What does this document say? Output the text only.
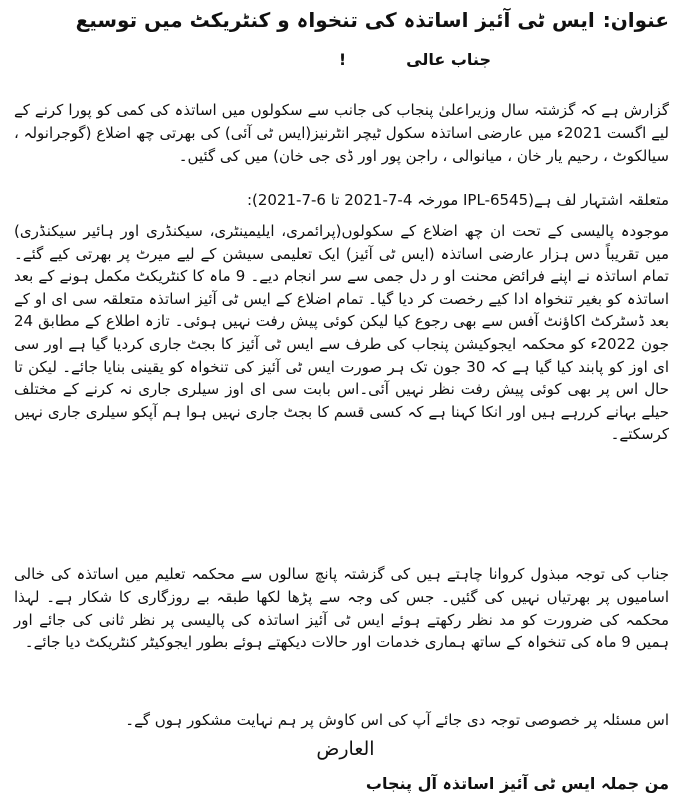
عنوان:ایس ٹی آئیز اساتذہ کی تنخواہ و کنٹریکٹ میں توسیع
جناب عالی!

گزارش ہے کہ گزشتہ سال وزیراعلیٰ پنجاب کی جانب سے سکولوں میں اساتذہ کی کمی کو پورا کرنے کے لیے اگست 2021ء میں عارضی اساتذہ سکول ٹیچر انٹرنیز(ایس ٹی آئی) کی بھرتی چھ اضلاع (گوجرانولہ ، سیالکوٹ ، رحیم یار خان ، میانوالی ، راجن پور اور ڈی جی خان) میں کی گئیں۔

متعلقہ اشتہار لف ہے(IPL-6545 مورخہ 4-7-2021 تا 6-7-2021):

موجودہ پالیسی کے تحت ان چھ اضلاع کے سکولوں(پرائمری، ایلیمینٹری، سیکنڈری اور ہائیر سیکنڈری) میں تقریباً دس ہزار عارضی اساتذہ (ایس ٹی آئیز) ایک تعلیمی سیشن کے لیے میرٹ پر بھرتی کیے گئے۔ تمام اساتذہ نے اپنے فرائض محنت او ر دل جمی سے سر انجام دیے۔ 9 ماہ کا کنٹریکٹ مکمل ہونے کے بعد اساتذہ کو بغیر تنخواہ ادا کیے رخصت کر دیا گیا۔ تمام اضلاع کے ایس ٹی آئیز اساتذہ متعلقہ سی ای او کے بعد ڈسٹرکٹ اکاؤنٹ آفس سے بھی رجوع کیا لیکن کوئی پیش رفت نہیں ہوئی۔ تازہ اطلاع کے مطابق 24 جون 2022ء کو محکمہ ایجوکیشن پنجاب کی طرف سے ایس ٹی آئیز کا بجٹ جاری کردیا گیا ہے اور سی ای اوز کو پابند کیا گیا ہے کہ 30 جون تک ہر صورت ایس ٹی آئیز کی تنخواہ کو یقینی بنایا جائے۔ لیکن تا حال اس پر بھی کوئی پیش رفت نظر نہیں آئی۔اس بابت سی ای اوز سیلری جاری نہ کرنے کے مختلف حیلے بہانے کررہے ہیں اور انکا کہنا ہے کہ کسی قسم کا بجٹ جاری نہیں ہوا ہم آپکو سیلری جاری نہیں کرسکتے۔

جناب کی توجہ مبذول کروانا چاہتے ہیں کی گزشتہ پانچ سالوں سے محکمہ تعلیم میں اساتذہ کی خالی اسامیوں پر بھرتیاں نہیں کی گئیں۔ جس کی وجہ سے پڑھا لکھا طبقہ بے روزگاری کا شکار ہے۔ لہذا محکمہ کی ضرورت کو مد نظر رکھتے ہوئے ایس ٹی آئیز اساتذہ کی پالیسی پر نظر ثانی کی جائے اور ہمیں 9 ماہ کی تنخواہ کے ساتھ ہماری خدمات اور حالات دیکھتے ہوئے بطور ایجوکیٹر کنٹریکٹ دیا جائے۔

اس مسئلہ پر خصوصی توجہ دی جائے آپ کی اس کاوش پر ہم نہایت مشکور ہوں گے۔

العارض
من جملہ ایس ٹی آئیز اساتذہ آل پنجاب
